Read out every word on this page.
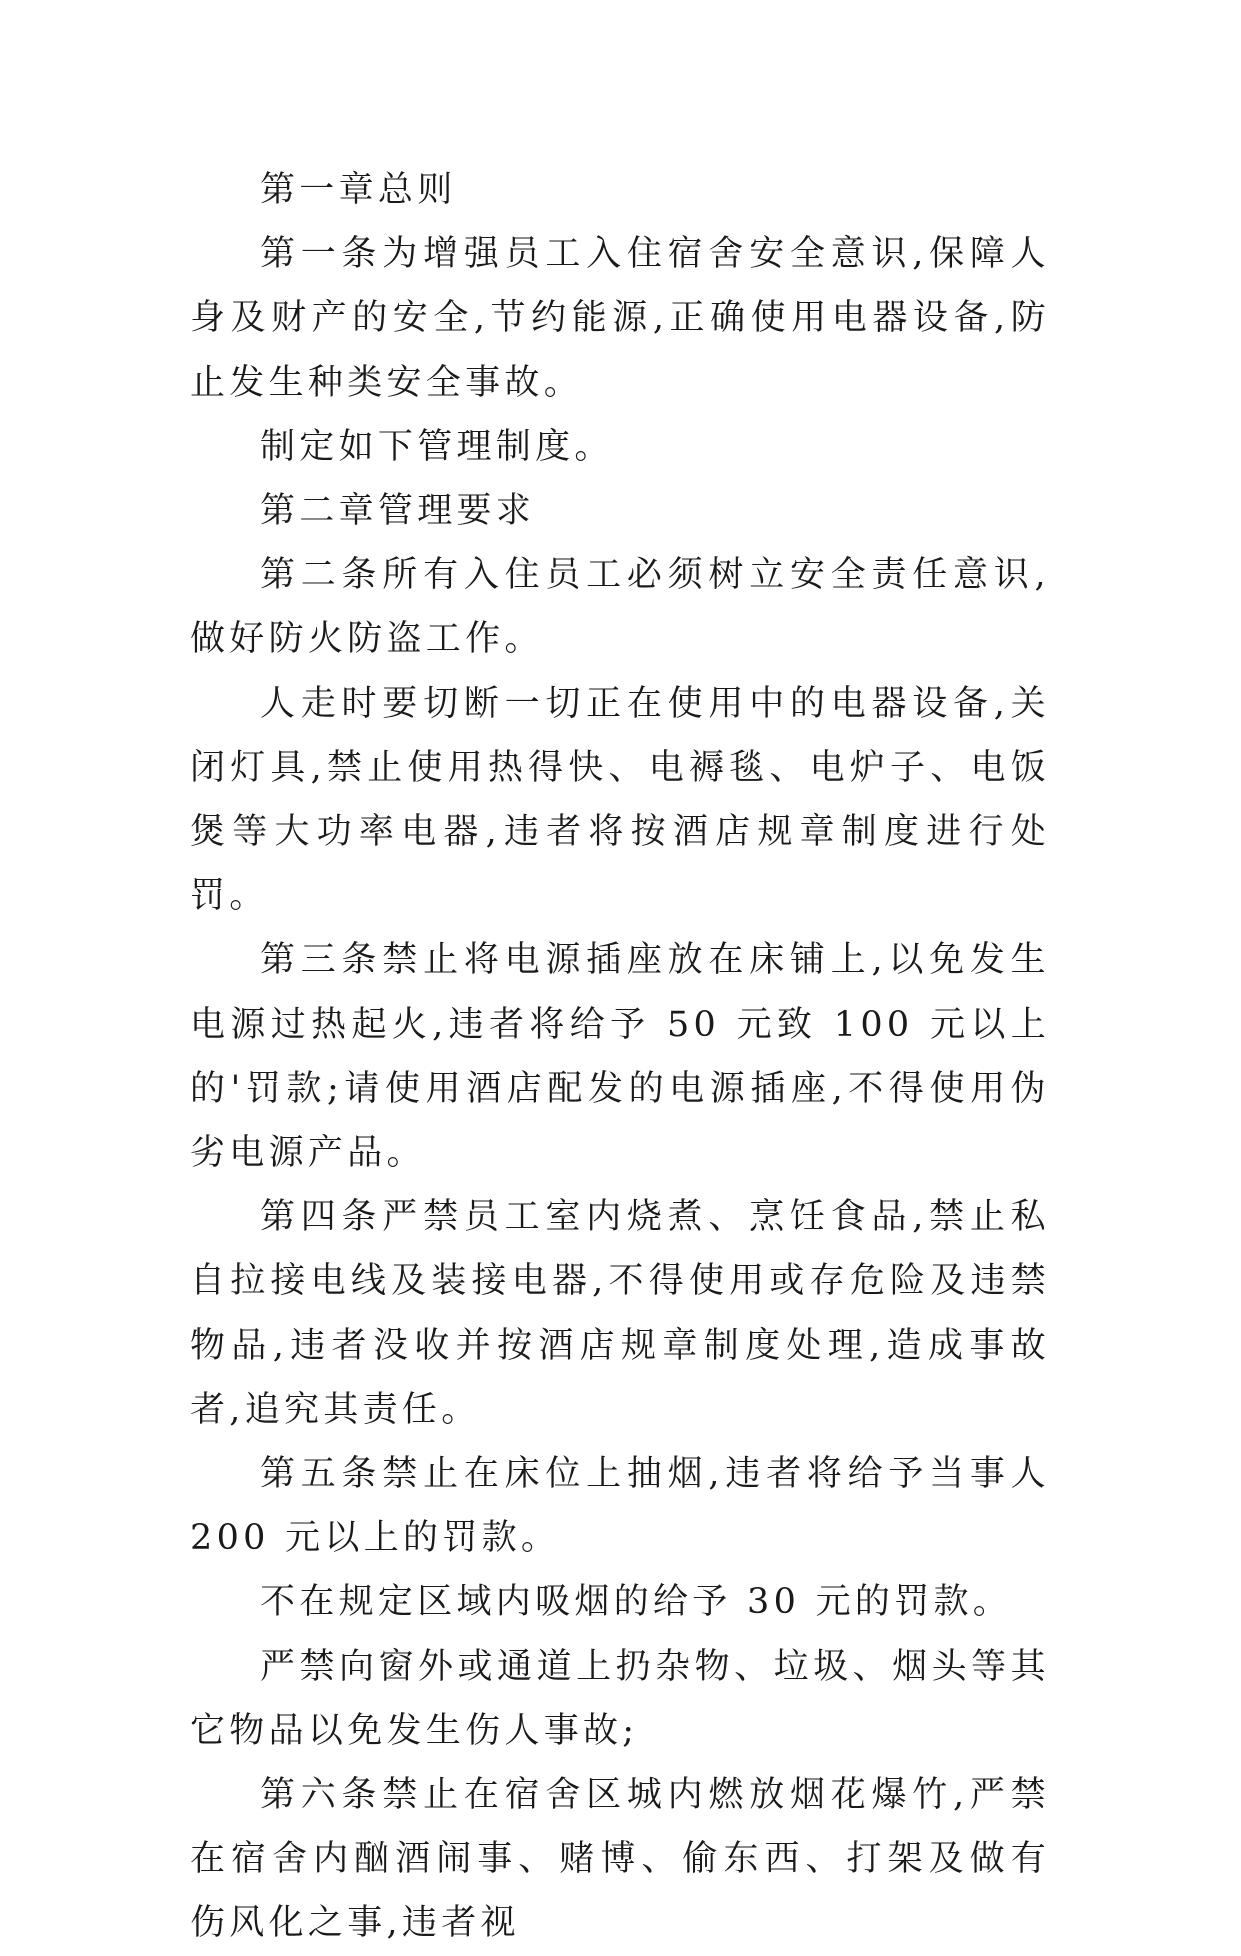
第一章总则

第一条为增强员工入住宿舍安全意识,保障人身及财产的安全,节约能源,正确使用电器设备,防止发生种类安全事故。

制定如下管理制度。

第二章管理要求

第二条所有入住员工必须树立安全责任意识,做好防火防盗工作。

人走时要切断一切正在使用中的电器设备,关闭灯具,禁止使用热得快、电褥毯、电炉子、电饭煲等大功率电器,违者将按酒店规章制度进行处罚。

第三条禁止将电源插座放在床铺上,以免发生电源过热起火,违者将给予 50 元致 100 元以上的'罚款;请使用酒店配发的电源插座,不得使用伪劣电源产品。

第四条严禁员工室内烧煮、烹饪食品,禁止私自拉接电线及装接电器,不得使用或存危险及违禁物品,违者没收并按酒店规章制度处理,造成事故者,追究其责任。

第五条禁止在床位上抽烟,违者将给予当事人 200 元以上的罚款。

不在规定区域内吸烟的给予 30 元的罚款。

严禁向窗外或通道上扔杂物、垃圾、烟头等其它物品以免发生伤人事故;

第六条禁止在宿舍区城内燃放烟花爆竹,严禁在宿舍内酗酒闹事、赌博、偷东西、打架及做有伤风化之事,违者视
